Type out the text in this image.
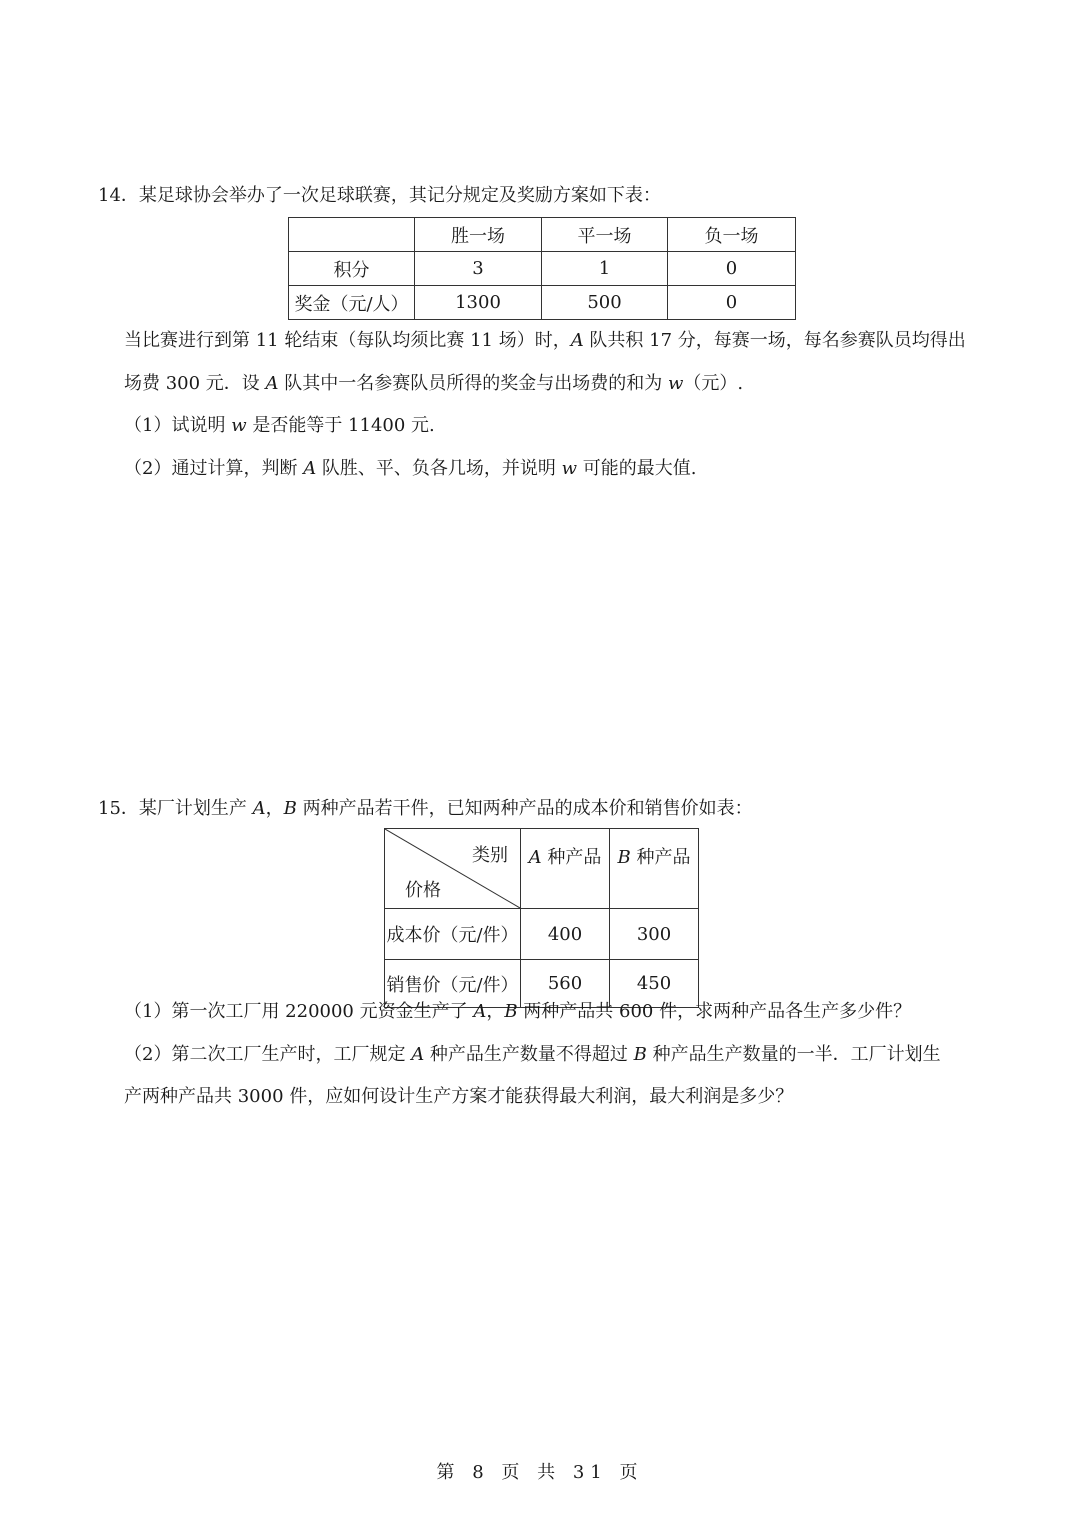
14．某足球协会举办了一次足球联赛，其记分规定及奖励方案如下表：
	胜一场	平一场	负一场
积分	3	1	0
奖金（元/人）	1300	500	0
当比赛进行到第 11 轮结束（每队均须比赛 11 场）时，A 队共积 17 分，每赛一场，每名参赛队员均得出
场费 300 元．设 A 队其中一名参赛队员所得的奖金与出场费的和为 w（元）.
（1）试说明 w 是否能等于 11400 元.
（2）通过计算，判断 A 队胜、平、负各几场，并说明 w 可能的最大值.
15．某厂计划生产 A，B 两种产品若干件，已知两种产品的成本价和销售价如表：
类别
价格	A 种产品	B 种产品
成本价（元/件）	400	300
销售价（元/件）	560	450
（1）第一次工厂用 220000 元资金生产了 A，B 两种产品共 600 件，求两种产品各生产多少件？
（2）第二次工厂生产时，工厂规定 A 种产品生产数量不得超过 B 种产品生产数量的一半．工厂计划生
产两种产品共 3000 件，应如何设计生产方案才能获得最大利润，最大利润是多少？
第 8 页 共 31 页
